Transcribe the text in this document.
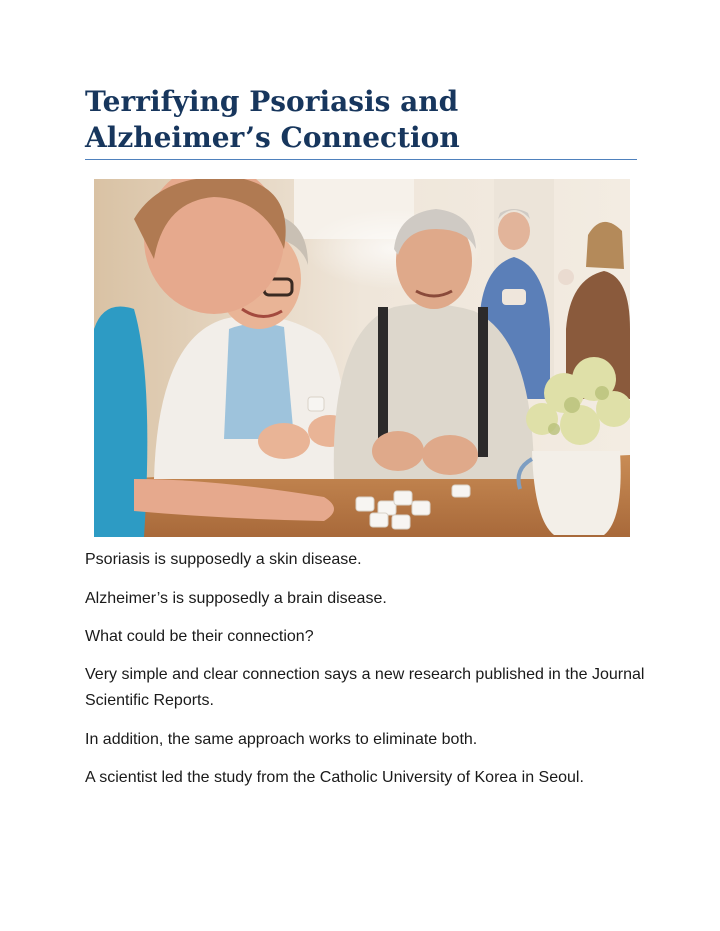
Terrifying Psoriasis and Alzheimer’s Connection

Psoriasis is supposedly a skin disease.

Alzheimer’s is supposedly a brain disease.

What could be their connection?

Very simple and clear connection says a new research published in the Journal Scientific Reports.

In addition, the same approach works to eliminate both.

A scientist led the study from the Catholic University of Korea in Seoul.
